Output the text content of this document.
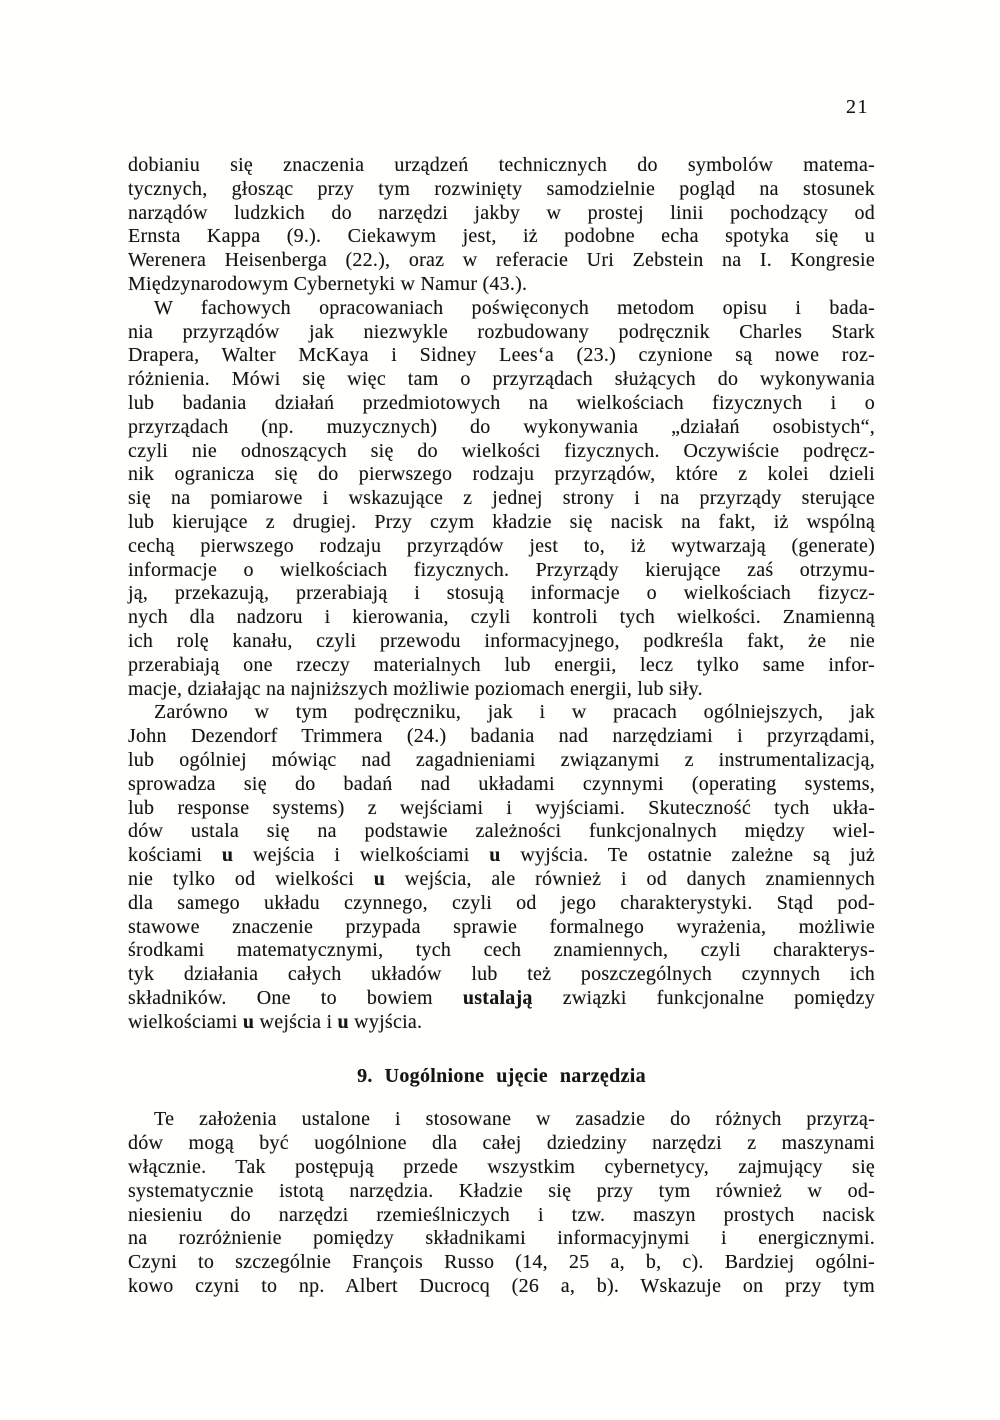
21
dobianiu się znaczenia urządzeń technicznych do symbolów matema-
tycznych, głosząc przy tym rozwinięty samodzielnie pogląd na stosunek
narządów ludzkich do narzędzi jakby w prostej linii pochodzący od
Ernsta Kappa (9.). Ciekawym jest, iż podobne echa spotyka się u
Werenera Heisenberga (22.), oraz w referacie Uri Zebstein na I. Kongresie
Międzynarodowym Cybernetyki w Namur (43.).
W fachowych opracowaniach poświęconych metodom opisu i bada-
nia przyrządów jak niezwykle rozbudowany podręcznik Charles Stark
Drapera, Walter McKaya i Sidney Lees‘a (23.) czynione są nowe roz-
różnienia. Mówi się więc tam o przyrządach służących do wykonywania
lub badania działań przedmiotowych na wielkościach fizycznych i o
przyrządach (np. muzycznych) do wykonywania „działań osobistych“,
czyli nie odnoszących się do wielkości fizycznych. Oczywiście podręcz-
nik ogranicza się do pierwszego rodzaju przyrządów, które z kolei dzieli
się na pomiarowe i wskazujące z jednej strony i na przyrządy sterujące
lub kierujące z drugiej. Przy czym kładzie się nacisk na fakt, iż wspólną
cechą pierwszego rodzaju przyrządów jest to, iż wytwarzają (generate)
informacje o wielkościach fizycznych. Przyrządy kierujące zaś otrzymu-
ją, przekazują, przerabiają i stosują informacje o wielkościach fizycz-
nych dla nadzoru i kierowania, czyli kontroli tych wielkości. Znamienną
ich rolę kanału, czyli przewodu informacyjnego, podkreśla fakt, że nie
przerabiają one rzeczy materialnych lub energii, lecz tylko same infor-
macje, działając na najniższych możliwie poziomach energii, lub siły.
Zarówno w tym podręczniku, jak i w pracach ogólniejszych, jak
John Dezendorf Trimmera (24.) badania nad narzędziami i przyrządami,
lub ogólniej mówiąc nad zagadnieniami związanymi z instrumentalizacją,
sprowadza się do badań nad układami czynnymi (operating systems,
lub response systems) z wejściami i wyjściami. Skuteczność tych ukła-
dów ustala się na podstawie zależności funkcjonalnych między wiel-
kościami u wejścia i wielkościami u wyjścia. Te ostatnie zależne są już
nie tylko od wielkości u wejścia, ale również i od danych znamiennych
dla samego układu czynnego, czyli od jego charakterystyki. Stąd pod-
stawowe znaczenie przypada sprawie formalnego wyrażenia, możliwie
środkami matematycznymi, tych cech znamiennych, czyli charakterys-
tyk działania całych układów lub też poszczególnych czynnych ich
składników. One to bowiem ustalają związki funkcjonalne pomiędzy
wielkościami u wejścia i u wyjścia.
9. Uogólnione ujęcie narzędzia
Te założenia ustalone i stosowane w zasadzie do różnych przyrzą-
dów mogą być uogólnione dla całej dziedziny narzędzi z maszynami
włącznie. Tak postępują przede wszystkim cybernetycy, zajmujący się
systematycznie istotą narzędzia. Kładzie się przy tym również w od-
niesieniu do narzędzi rzemieślniczych i tzw. maszyn prostych nacisk
na rozróżnienie pomiędzy składnikami informacyjnymi i energicznymi.
Czyni to szczególnie François Russo (14, 25 a, b, c). Bardziej ogólni-
kowo czyni to np. Albert Ducrocq (26 a, b). Wskazuje on przy tym
